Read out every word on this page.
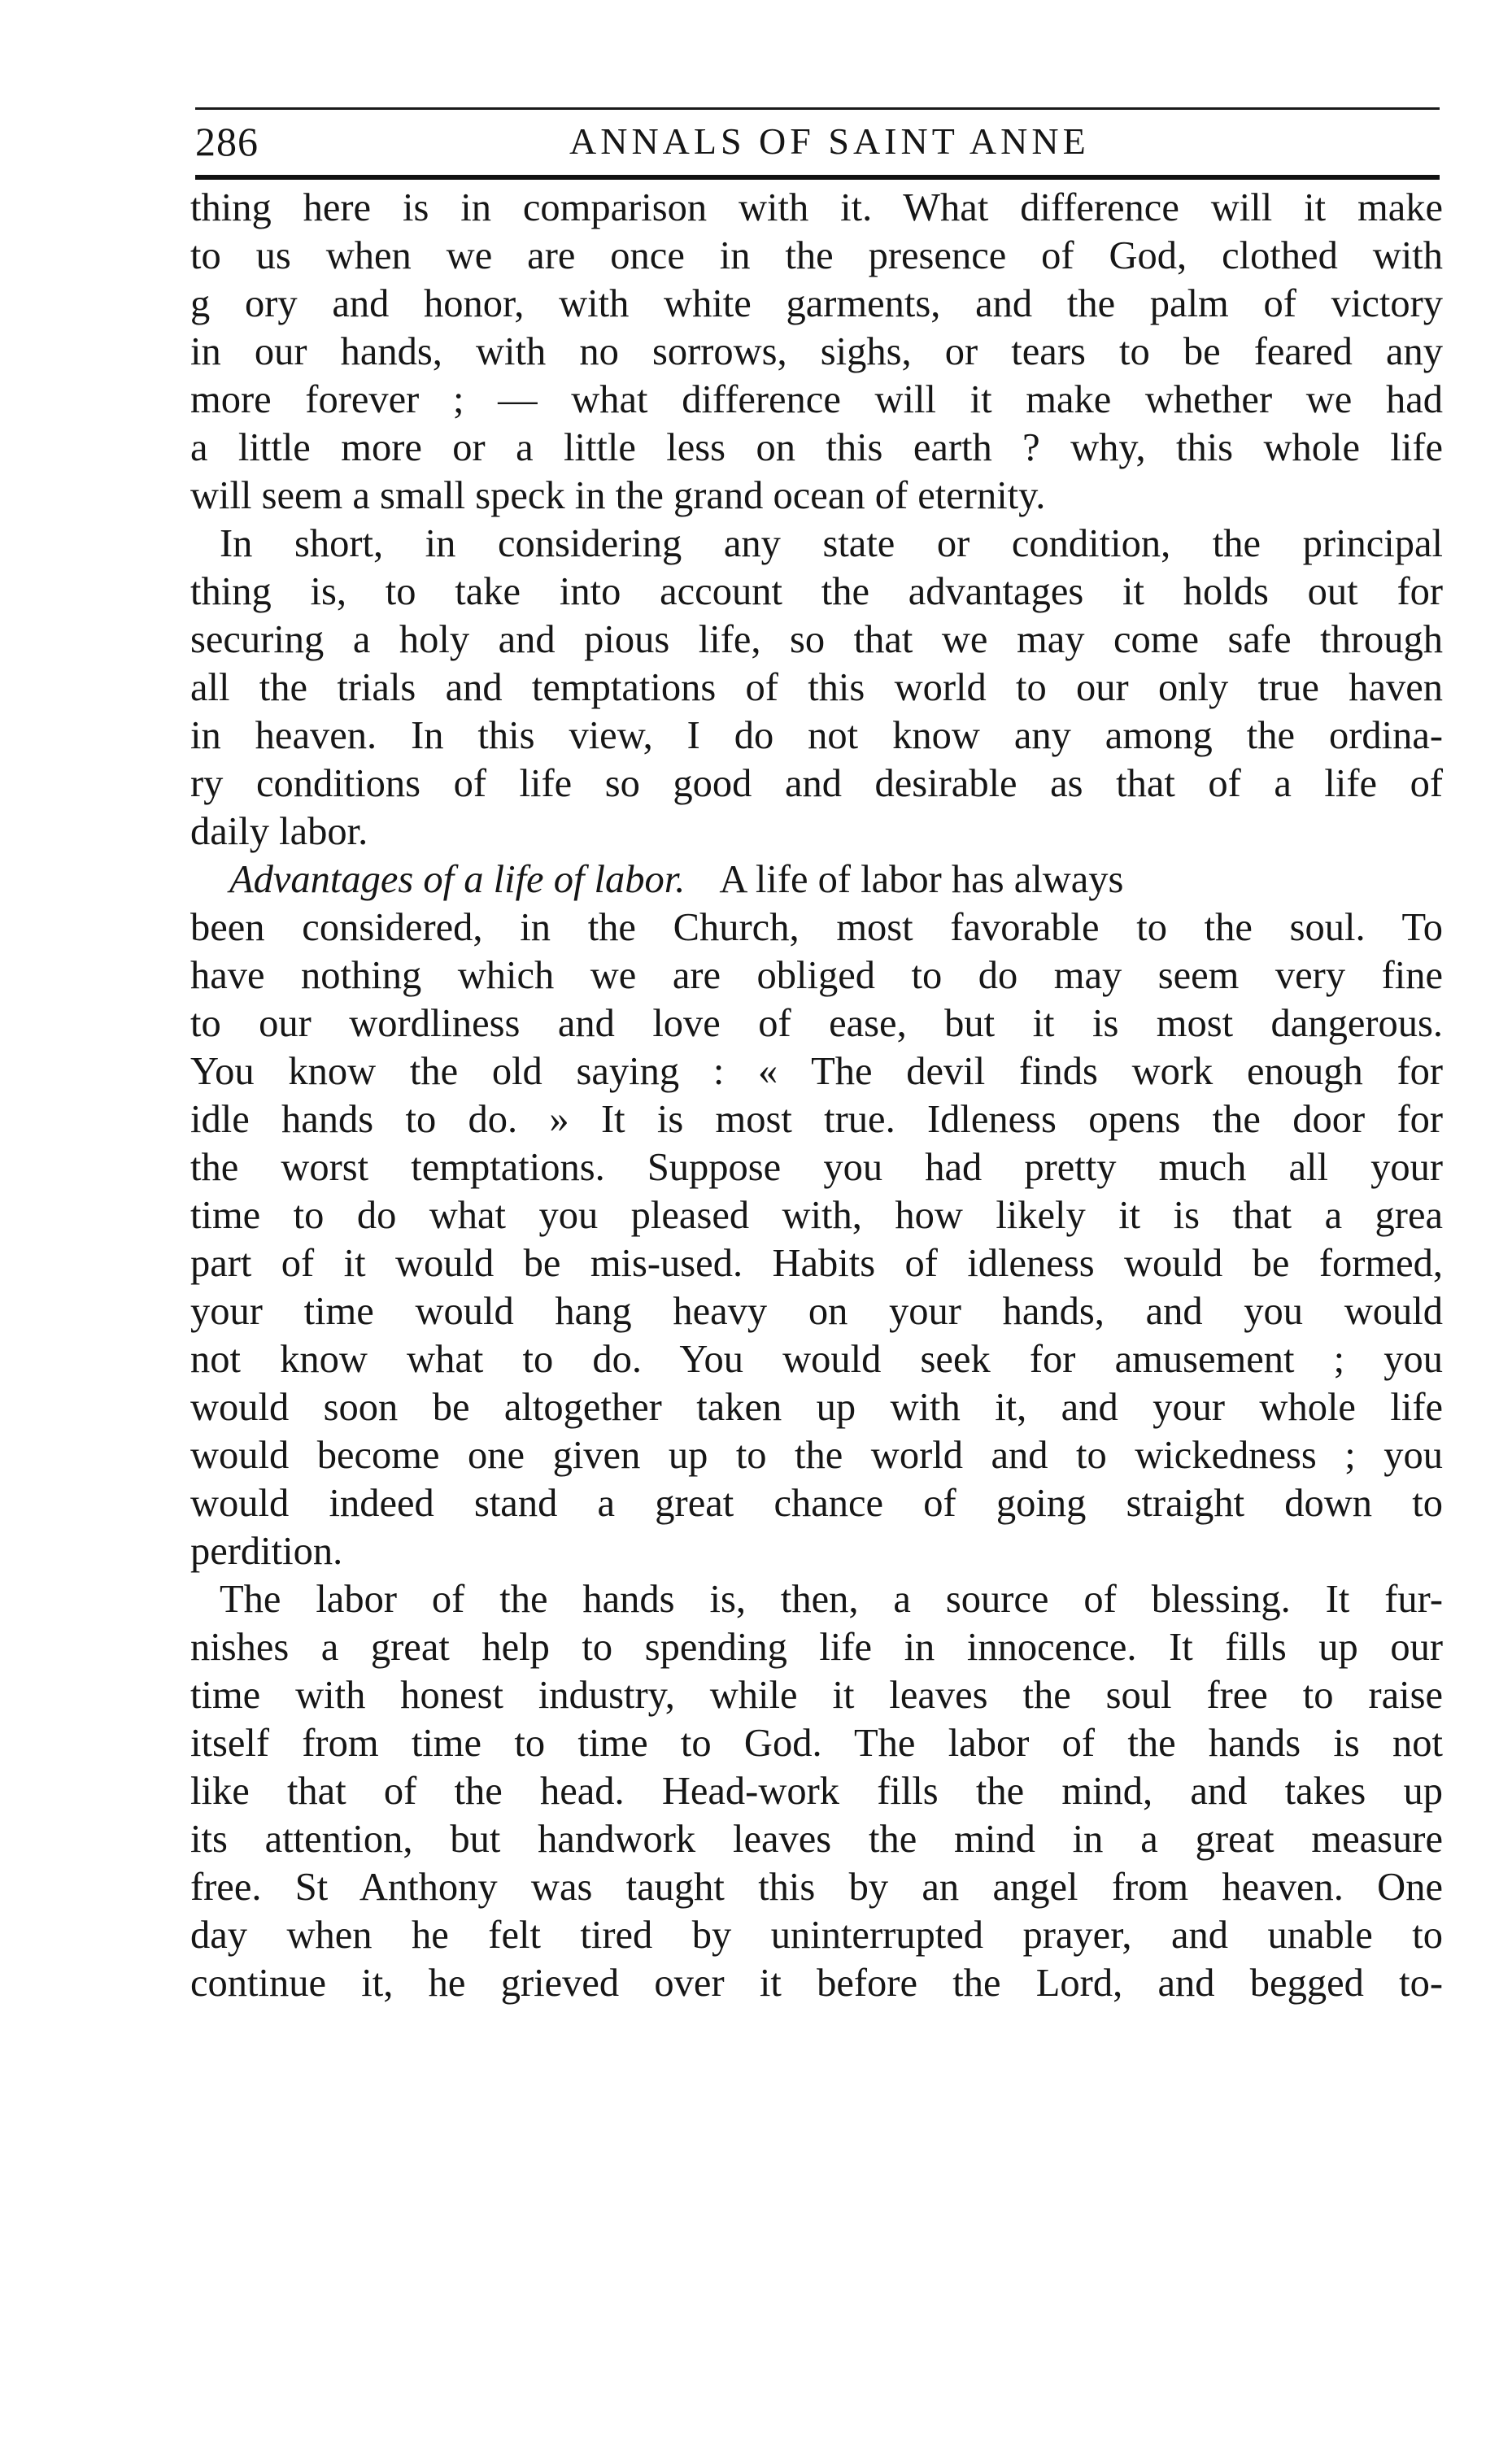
286	ANNALS OF SAINT ANNE
thing here is in comparison with it. What difference will it make
to us when we are once in the presence of God, clothed with
g ory and honor, with white garments, and the palm of victory
in our hands, with no sorrows, sighs, or tears to be feared any
more forever ; — what difference will it make whether we had
a little more or a little less on this earth ? why, this whole life
will seem a small speck in the grand ocean of eternity.
In short, in considering any state or condition, the principal
thing is, to take into account the advantages it holds out for
securing a holy and pious life, so that we may come safe through
all the trials and temptations of this world to our only true haven
in heaven. In this view, I do not know any among the ordina-
ry conditions of life so good and desirable as that of a life of
daily labor.
Advantages of a life of labor. A life of labor has always
been considered, in the Church, most favorable to the soul. To
have nothing which we are obliged to do may seem very fine
to our wordliness and love of ease, but it is most dangerous.
You know the old saying : « The devil finds work enough for
idle hands to do. » It is most true. Idleness opens the door for
the worst temptations. Suppose you had pretty much all your
time to do what you pleased with, how likely it is that a grea
part of it would be mis-used. Habits of idleness would be formed,
your time would hang heavy on your hands, and you would
not know what to do. You would seek for amusement ; you
would soon be altogether taken up with it, and your whole life
would become one given up to the world and to wickedness ; you
would indeed stand a great chance of going straight down to
perdition.
The labor of the hands is, then, a source of blessing. It fur-
nishes a great help to spending life in innocence. It fills up our
time with honest industry, while it leaves the soul free to raise
itself from time to time to God. The labor of the hands is not
like that of the head. Head-work fills the mind, and takes up
its attention, but handwork leaves the mind in a great measure
free. St Anthony was taught this by an angel from heaven. One
day when he felt tired by uninterrupted prayer, and unable to
continue it, he grieved over it before the Lord, and begged to-
